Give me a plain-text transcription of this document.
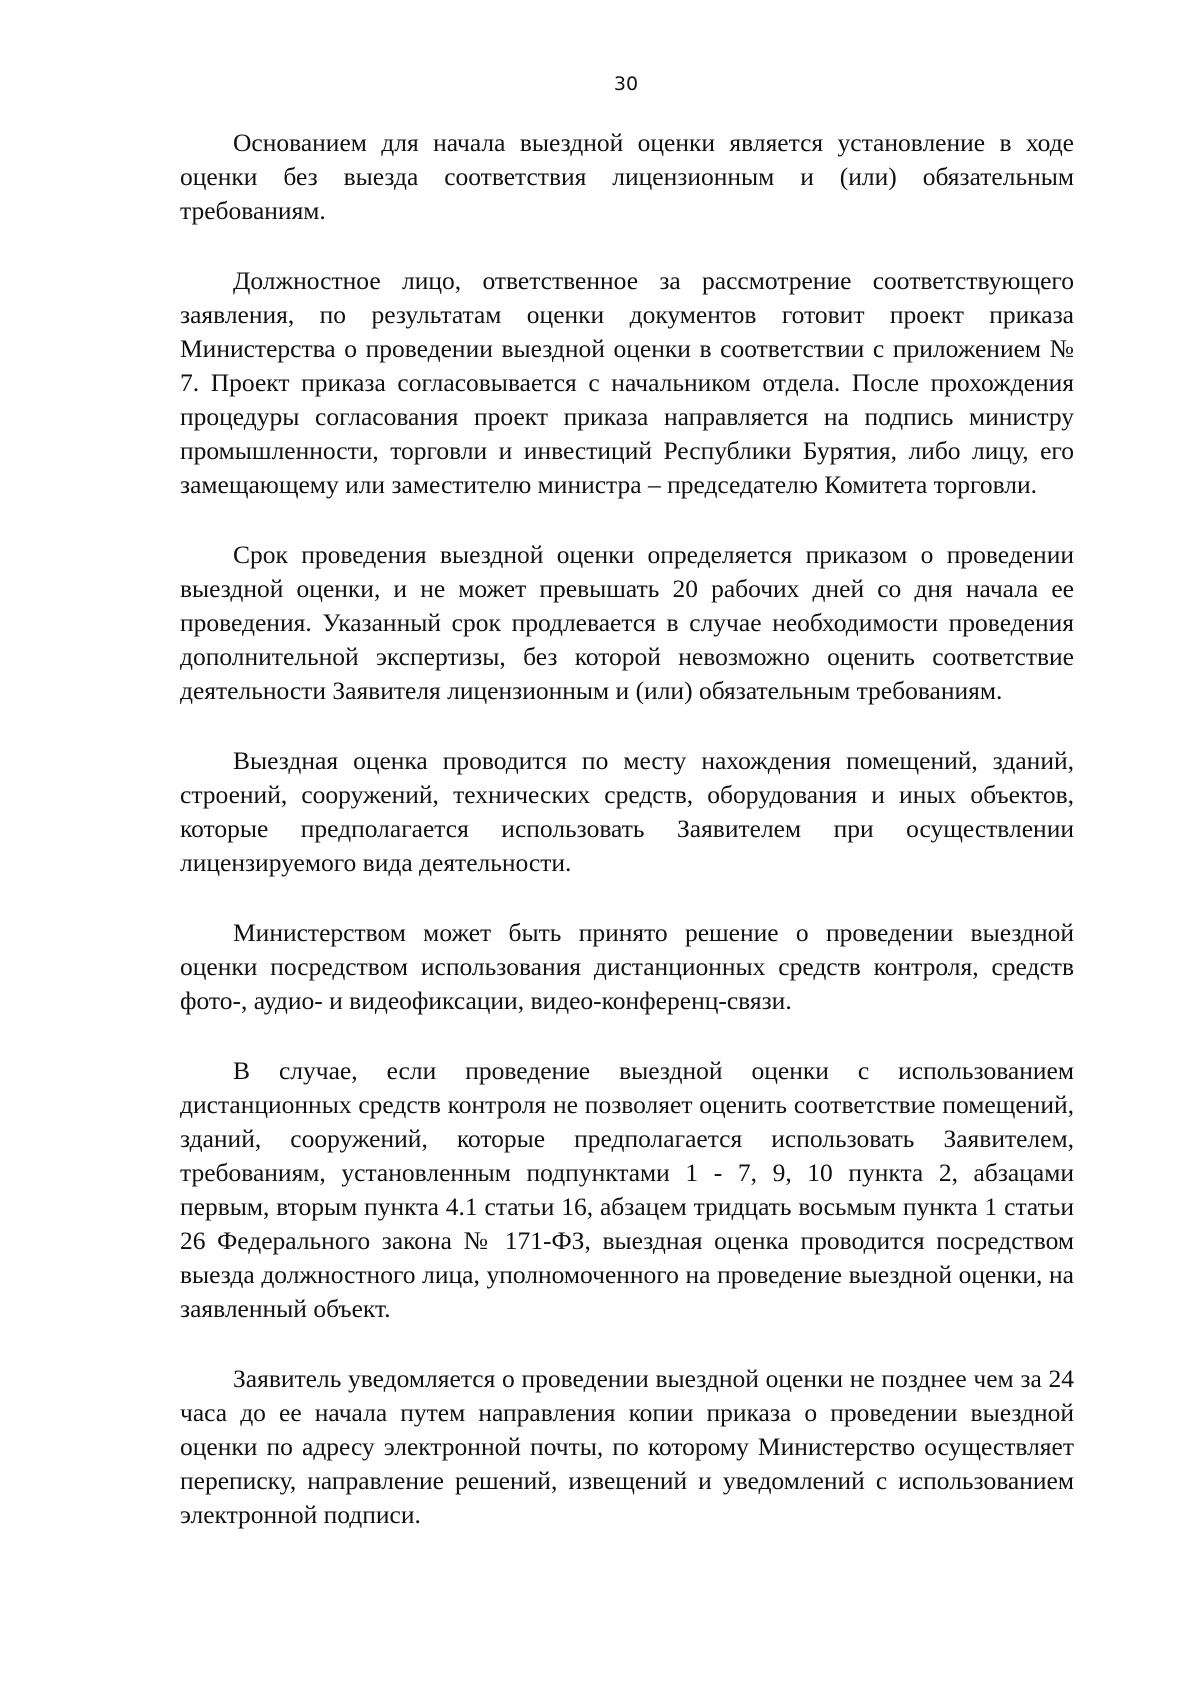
30

Основанием для начала выездной оценки является установление в ходе оценки без выезда соответствия лицензионным и (или) обязательным требованиям.

Должностное лицо, ответственное за рассмотрение соответствующего заявления, по результатам оценки документов готовит проект приказа Министерства о проведении выездной оценки в соответствии с приложением № 7. Проект приказа согласовывается с начальником отдела. После прохождения процедуры согласования проект приказа направляется на подпись министру промышленности, торговли и инвестиций Республики Бурятия, либо лицу, его замещающему или заместителю министра – председателю Комитета торговли.

Срок проведения выездной оценки определяется приказом о проведении выездной оценки, и не может превышать 20 рабочих дней со дня начала ее проведения. Указанный срок продлевается в случае необходимости проведения дополнительной экспертизы, без которой невозможно оценить соответствие деятельности Заявителя лицензионным и (или) обязательным требованиям.

Выездная оценка проводится по месту нахождения помещений, зданий, строений, сооружений, технических средств, оборудования и иных объектов, которые предполагается использовать Заявителем при осуществлении лицензируемого вида деятельности.

Министерством может быть принято решение о проведении выездной оценки посредством использования дистанционных средств контроля, средств фото-, аудио- и видеофиксации, видео-конференц-связи.

В случае, если проведение выездной оценки с использованием дистанционных средств контроля не позволяет оценить соответствие помещений, зданий, сооружений, которые предполагается использовать Заявителем, требованиям, установленным подпунктами 1 - 7, 9, 10 пункта 2, абзацами первым, вторым пункта 4.1 статьи 16, абзацем тридцать восьмым пункта 1 статьи 26 Федерального закона № 171-ФЗ, выездная оценка проводится посредством выезда должностного лица, уполномоченного на проведение выездной оценки, на заявленный объект.

Заявитель уведомляется о проведении выездной оценки не позднее чем за 24 часа до ее начала путем направления копии приказа о проведении выездной оценки по адресу электронной почты, по которому Министерство осуществляет переписку, направление решений, извещений и уведомлений с использованием электронной подписи.
